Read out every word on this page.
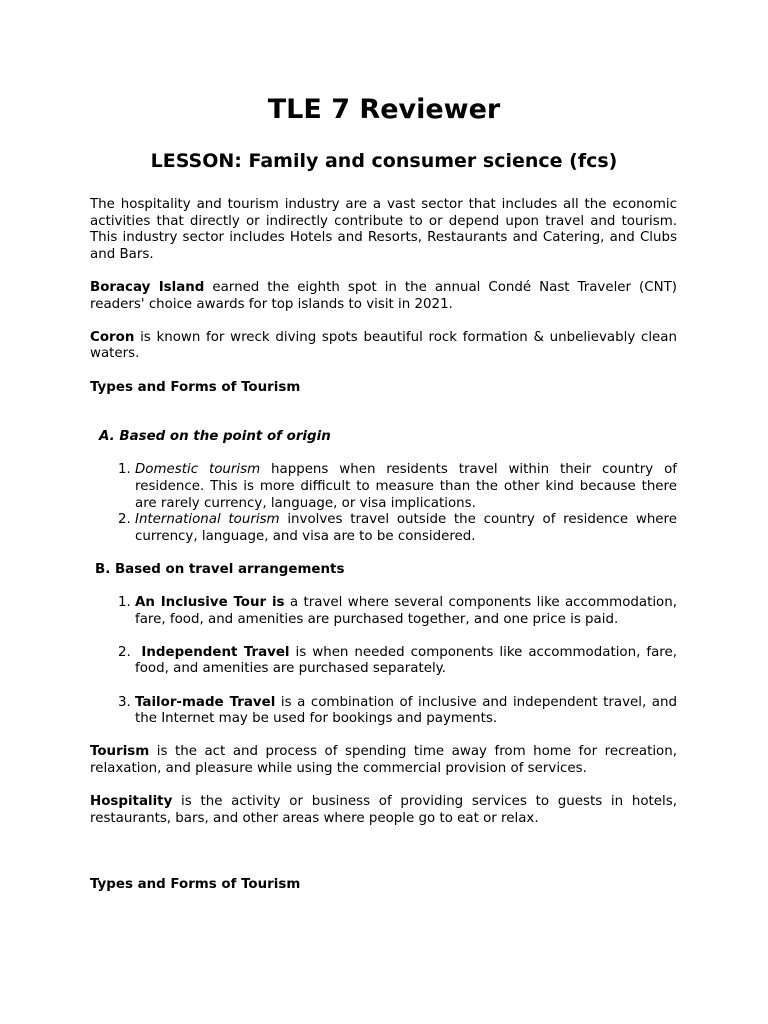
TLE 7 Reviewer
LESSON: Family and consumer science (fcs)

The hospitality and tourism industry are a vast sector that includes all the economic activities that directly or indirectly contribute to or depend upon travel and tourism. This industry sector includes Hotels and Resorts, Restaurants and Catering, and Clubs and Bars.

Boracay Island earned the eighth spot in the annual Condé Nast Traveler (CNT) readers' choice awards for top islands to visit in 2021.

Coron is known for wreck diving spots beautiful rock formation & unbelievably clean waters.

Types and Forms of Tourism
A. Based on the point of origin
1. Domestic tourism happens when residents travel within their country of residence. This is more difficult to measure than the other kind because there are rarely currency, language, or visa implications.
2. International tourism involves travel outside the country of residence where currency, language, and visa are to be considered.
B. Based on travel arrangements
1. An Inclusive Tour is a travel where several components like accommodation, fare, food, and amenities are purchased together, and one price is paid.
2.  Independent Travel is when needed components like accommodation, fare, food, and amenities are purchased separately.
3. Tailor-made Travel is a combination of inclusive and independent travel, and the Internet may be used for bookings and payments.

Tourism is the act and process of spending time away from home for recreation, relaxation, and pleasure while using the commercial provision of services.

Hospitality is the activity or business of providing services to guests in hotels, restaurants, bars, and other areas where people go to eat or relax.

Types and Forms of Tourism
